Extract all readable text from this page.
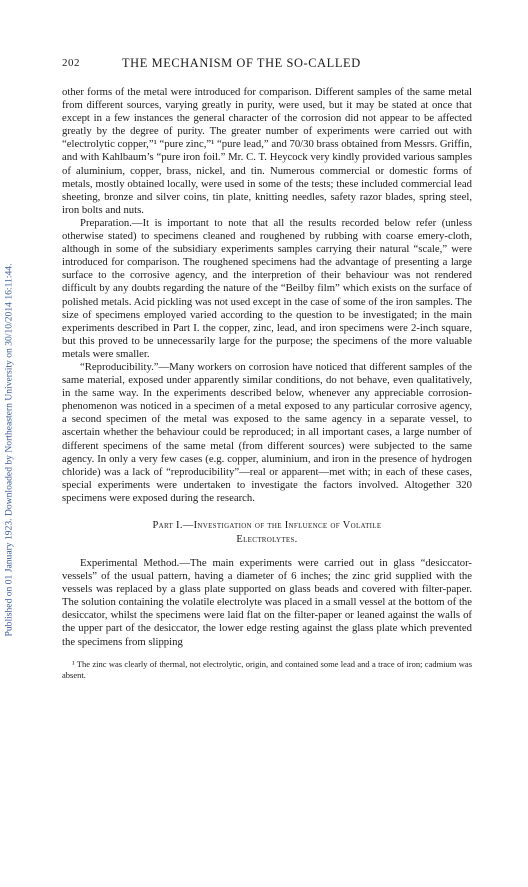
Published on 01 January 1923. Downloaded by Northeastern University on 30/10/2014 16:11:44.
202	THE MECHANISM OF THE SO-CALLED

other forms of the metal were introduced for comparison. Different samples of the same metal from different sources, varying greatly in purity, were used, but it may be stated at once that except in a few instances the general character of the corrosion did not appear to be affected greatly by the degree of purity. The greater number of experiments were carried out with “electrolytic copper,”¹ “pure zinc,”¹ “pure lead,” and 70/30 brass obtained from Messrs. Griffin, and with Kahlbaum’s “pure iron foil.” Mr. C. T. Heycock very kindly provided various samples of aluminium, copper, brass, nickel, and tin. Numerous commercial or domestic forms of metals, mostly obtained locally, were used in some of the tests; these included commercial lead sheeting, bronze and silver coins, tin plate, knitting needles, safety razor blades, spring steel, iron bolts and nuts.

Preparation.—It is important to note that all the results recorded below refer (unless otherwise stated) to specimens cleaned and roughened by rubbing with coarse emery-cloth, although in some of the subsidiary experiments samples carrying their natural “scale,” were introduced for comparison. The roughened specimens had the advantage of presenting a large surface to the corrosive agency, and the interpretion of their behaviour was not rendered difficult by any doubts regarding the nature of the “Beilby film” which exists on the surface of polished metals. Acid pickling was not used except in the case of some of the iron samples. The size of specimens employed varied according to the question to be investigated; in the main experiments described in Part I. the copper, zinc, lead, and iron specimens were 2-inch square, but this proved to be unnecessarily large for the purpose; the specimens of the more valuable metals were smaller.

“Reproducibility.”—Many workers on corrosion have noticed that different samples of the same material, exposed under apparently similar conditions, do not behave, even qualitatively, in the same way. In the experiments described below, whenever any appreciable corrosion-phenomenon was noticed in a specimen of a metal exposed to any particular corrosive agency, a second specimen of the metal was exposed to the same agency in a separate vessel, to ascertain whether the behaviour could be reproduced; in all important cases, a large number of different specimens of the same metal (from different sources) were subjected to the same agency. In only a very few cases (e.g. copper, aluminium, and iron in the presence of hydrogen chloride) was a lack of “reproducibility”—real or apparent—met with; in each of these cases, special experiments were undertaken to investigate the factors involved. Altogether 320 specimens were exposed during the research.

Part I.—Investigation of the Influence of Volatile
Electrolytes.

Experimental Method.—The main experiments were carried out in glass “desiccator-vessels” of the usual pattern, having a diameter of 6 inches; the zinc grid supplied with the vessels was replaced by a glass plate supported on glass beads and covered with filter-paper. The solution containing the volatile electrolyte was placed in a small vessel at the bottom of the desiccator, whilst the specimens were laid flat on the filter-paper or leaned against the walls of the upper part of the desiccator, the lower edge resting against the glass plate which prevented the specimens from slipping

¹ The zinc was clearly of thermal, not electrolytic, origin, and contained some lead and a trace of iron; cadmium was absent.
